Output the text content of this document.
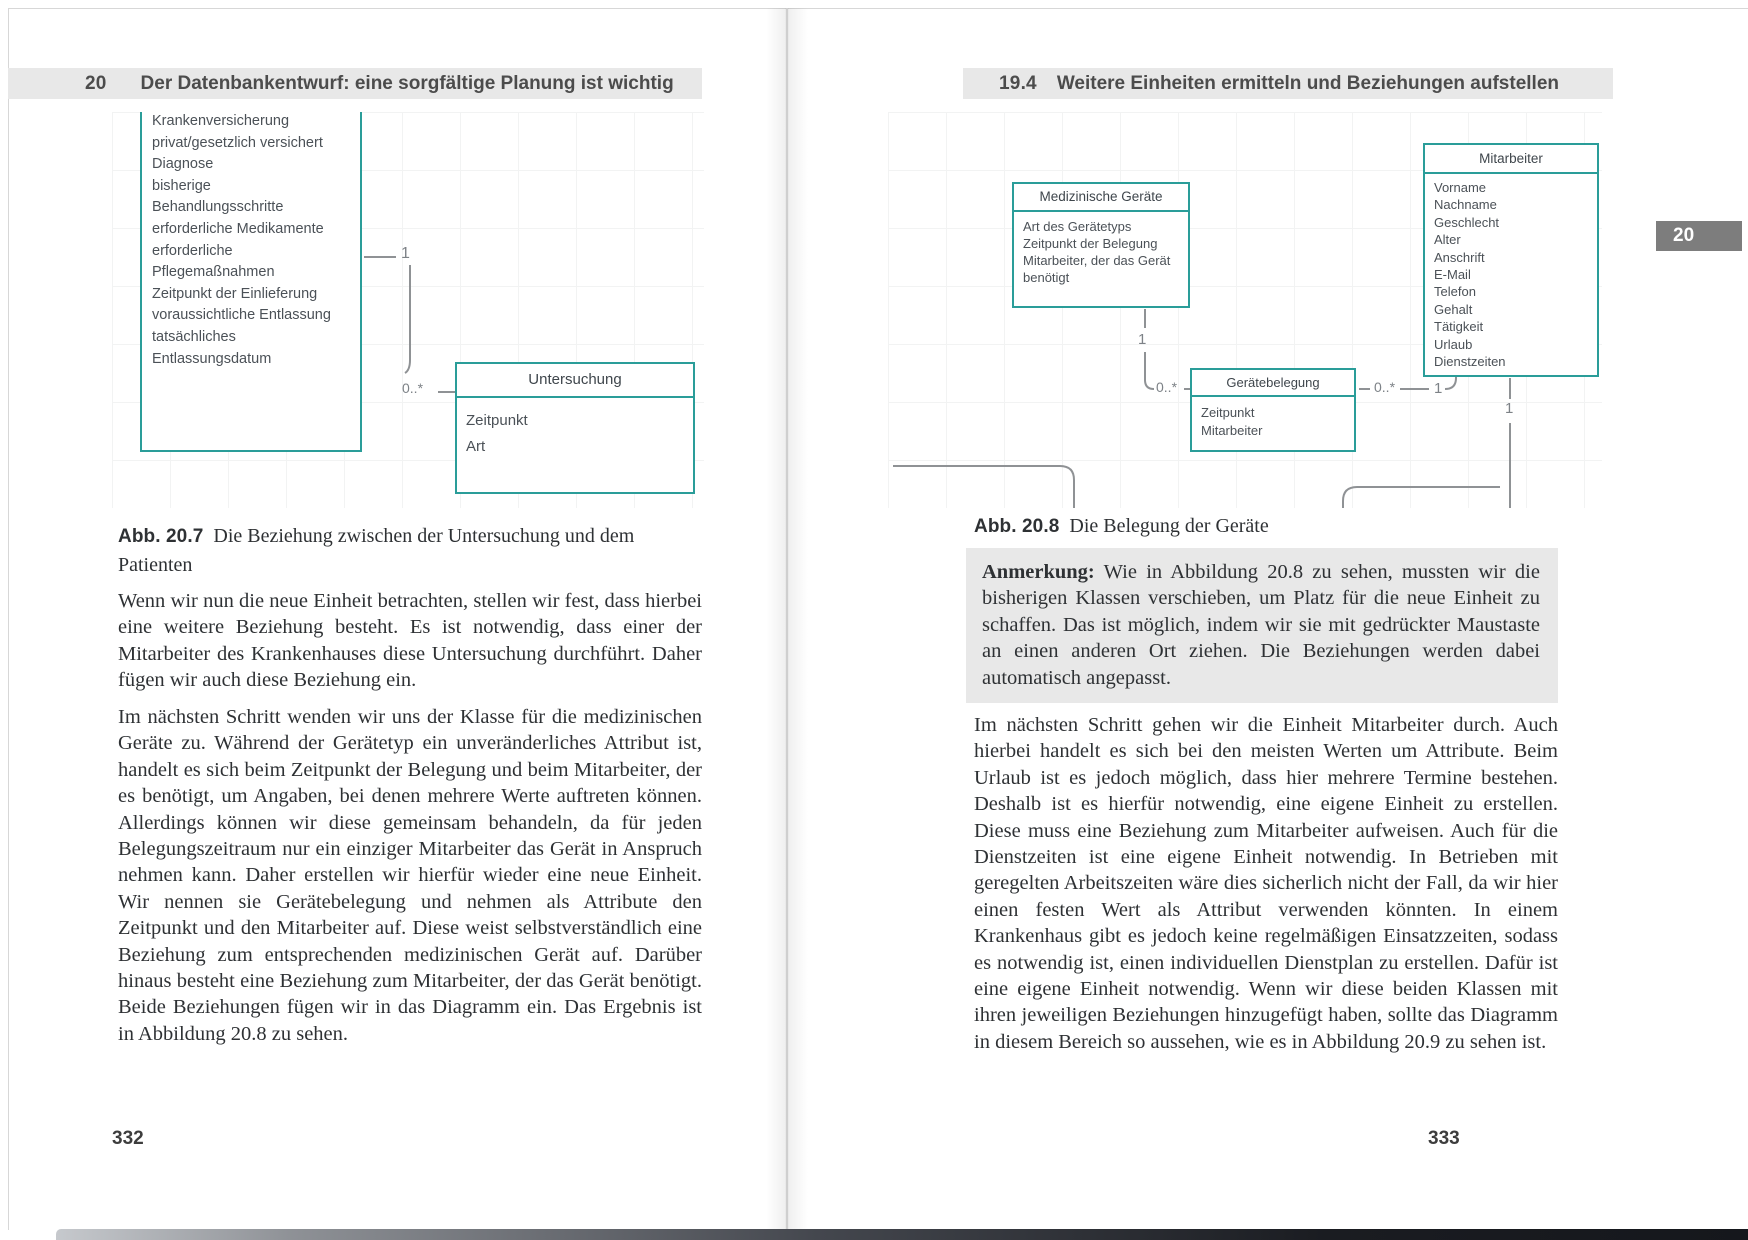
20 Der Datenbankentwurf: eine sorgfältige Planung ist wichtig
1
0..*
Krankenversicherung
privat/gesetzlich versichert
Diagnose
bisherige
Behandlungsschritte
erforderliche Medikamente
erforderliche
Pflegemaßnahmen
Zeitpunkt der Einlieferung
voraussichtliche Entlassung
tatsächliches
Entlassungsdatum
Untersuchung
Zeitpunkt
Art
Abb. 20.7 Die Beziehung zwischen der Untersuchung und dem Patienten

Wenn wir nun die neue Einheit betrachten, stellen wir fest, dass hierbei eine weitere Beziehung besteht. Es ist notwendig, dass einer der Mitarbeiter des Krankenhauses diese Untersuchung durchführt. Daher fügen wir auch diese Beziehung ein.

Im nächsten Schritt wenden wir uns der Klasse für die medizinischen Geräte zu. Während der Gerätetyp ein unveränderliches Attribut ist, handelt es sich beim Zeitpunkt der Belegung und beim Mitarbeiter, der es benötigt, um Angaben, bei denen mehrere Werte auftreten können. Allerdings können wir diese gemeinsam behandeln, da für jeden Belegungszeitraum nur ein einziger Mitarbeiter das Gerät in Anspruch nehmen kann. Daher erstellen wir hierfür wieder eine neue Einheit. Wir nennen sie Gerätebelegung und nehmen als Attribute den Zeitpunkt und den Mitarbeiter auf. Diese weist selbstverständlich eine Beziehung zum entsprechenden medizinischen Gerät auf. Darüber hinaus besteht eine Beziehung zum Mitarbeiter, der das Gerät benötigt. Beide Beziehungen fügen wir in das Diagramm ein. Das Ergebnis ist in Abbildung 20.8 zu sehen.

332
19.4 Weitere Einheiten ermitteln und Beziehungen aufstellen
20
1
0..*	0..*	1
1
Medizinische Geräte
Art des Gerätetyps
Zeitpunkt der Belegung
Mitarbeiter, der das Gerät benötigt
Gerätebelegung
Zeitpunkt
Mitarbeiter
Mitarbeiter
Vorname
Nachname
Geschlecht
Alter
Anschrift
E-Mail
Telefon
Gehalt
Tätigkeit
Urlaub
Dienstzeiten
Abb. 20.8 Die Belegung der Geräte
Anmerkung: Wie in Abbildung 20.8 zu sehen, mussten wir die bisherigen Klassen verschieben, um Platz für die neue Einheit zu schaffen. Das ist möglich, indem wir sie mit gedrückter Maustaste an einen anderen Ort ziehen. Die Beziehungen werden dabei automatisch angepasst.

Im nächsten Schritt gehen wir die Einheit Mitarbeiter durch. Auch hierbei handelt es sich bei den meisten Werten um Attribute. Beim Urlaub ist es jedoch möglich, dass hier mehrere Termine bestehen. Deshalb ist es hierfür notwendig, eine eigene Einheit zu erstellen. Diese muss eine Beziehung zum Mitarbeiter aufweisen. Auch für die Dienstzeiten ist eine eigene Einheit notwendig. In Betrieben mit geregelten Arbeitszeiten wäre dies sicherlich nicht der Fall, da wir hier einen festen Wert als Attribut verwenden könnten. In einem Krankenhaus gibt es jedoch keine regelmäßigen Einsatzzeiten, sodass es notwendig ist, einen individuellen Dienstplan zu erstellen. Dafür ist eine eigene Einheit notwendig. Wenn wir diese beiden Klassen mit ihren jeweiligen Beziehungen hinzugefügt haben, sollte das Diagramm in diesem Bereich so aussehen, wie es in Abbildung 20.9 zu sehen ist.

333
